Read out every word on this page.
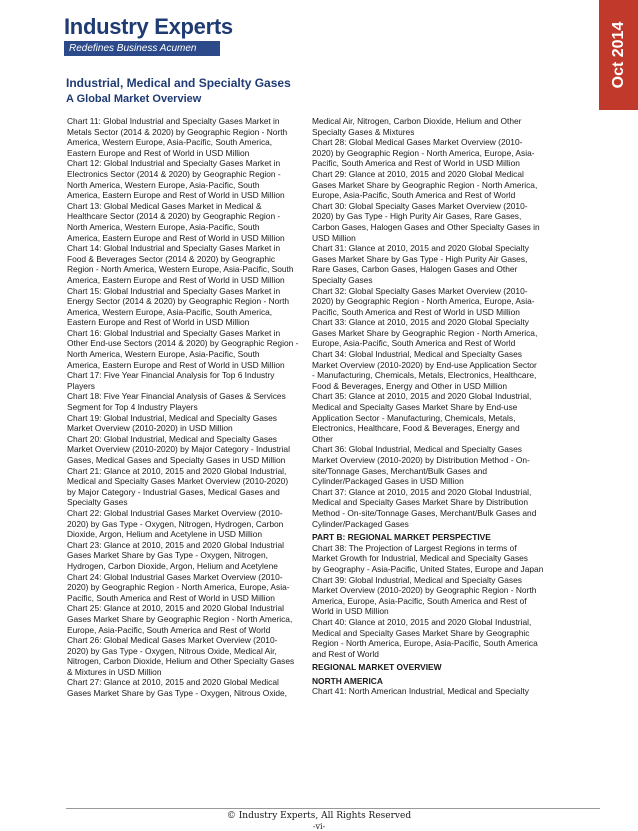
Industry Experts
Redefines Business Acumen	Oct 2014
Industrial, Medical and Specialty Gases
A Global Market Overview
Chart 11: Global Industrial and Specialty Gases Market in
Metals Sector (2014 & 2020) by Geographic Region - North
America, Western Europe, Asia-Pacific, South America,
Eastern Europe and Rest of World in USD Million
Chart 12: Global Industrial and Specialty Gases Market in
Electronics Sector (2014 & 2020) by Geographic Region -
North America, Western Europe, Asia-Pacific, South
America, Eastern Europe and Rest of World in USD Million
Chart 13: Global Medical Gases Market in Medical &
Healthcare Sector (2014 & 2020) by Geographic Region -
North America, Western Europe, Asia-Pacific, South
America, Eastern Europe and Rest of World in USD Million
Chart 14: Global Industrial and Specialty Gases Market in
Food & Beverages Sector (2014 & 2020) by Geographic
Region - North America, Western Europe, Asia-Pacific, South
America, Eastern Europe and Rest of World in USD Million
Chart 15: Global Industrial and Specialty Gases Market in
Energy Sector (2014 & 2020) by Geographic Region - North
America, Western Europe, Asia-Pacific, South America,
Eastern Europe and Rest of World in USD Million
Chart 16: Global Industrial and Specialty Gases Market in
Other End-use Sectors (2014 & 2020) by Geographic Region -
North America, Western Europe, Asia-Pacific, South
America, Eastern Europe and Rest of World in USD Million
Chart 17: Five Year Financial Analysis for Top 6 Industry
Players
Chart 18: Five Year Financial Analysis of Gases & Services
Segment for Top 4 Industry Players
Chart 19: Global Industrial, Medical and Specialty Gases
Market Overview (2010-2020) in USD Million
Chart 20: Global Industrial, Medical and Specialty Gases
Market Overview (2010-2020) by Major Category - Industrial
Gases, Medical Gases and Specialty Gases in USD Million
Chart 21: Glance at 2010, 2015 and 2020 Global Industrial,
Medical and Specialty Gases Market Overview (2010-2020)
by Major Category - Industrial Gases, Medical Gases and
Specialty Gases
Chart 22: Global Industrial Gases Market Overview (2010-
2020) by Gas Type - Oxygen, Nitrogen, Hydrogen, Carbon
Dioxide, Argon, Helium and Acetylene in USD Million
Chart 23: Glance at 2010, 2015 and 2020 Global Industrial
Gases Market Share by Gas Type - Oxygen, Nitrogen,
Hydrogen, Carbon Dioxide, Argon, Helium and Acetylene
Chart 24: Global Industrial Gases Market Overview (2010-
2020) by Geographic Region - North America, Europe, Asia-
Pacific, South America and Rest of World in USD Million
Chart 25: Glance at 2010, 2015 and 2020 Global Industrial
Gases Market Share by Geographic Region - North America,
Europe, Asia-Pacific, South America and Rest of World
Chart 26: Global Medical Gases Market Overview (2010-
2020) by Gas Type - Oxygen, Nitrous Oxide, Medical Air,
Nitrogen, Carbon Dioxide, Helium and Other Specialty Gases
& Mixtures in USD Million
Chart 27: Glance at 2010, 2015 and 2020 Global Medical
Gases Market Share by Gas Type - Oxygen, Nitrous Oxide,
Medical Air, Nitrogen, Carbon Dioxide, Helium and Other
Specialty Gases & Mixtures
Chart 28: Global Medical Gases Market Overview (2010-
2020) by Geographic Region - North America, Europe, Asia-
Pacific, South America and Rest of World in USD Million
Chart 29: Glance at 2010, 2015 and 2020 Global Medical
Gases Market Share by Geographic Region - North America,
Europe, Asia-Pacific, South America and Rest of World
Chart 30: Global Specialty Gases Market Overview (2010-
2020) by Gas Type - High Purity Air Gases, Rare Gases,
Carbon Gases, Halogen Gases and Other Specialty Gases in
USD Million
Chart 31: Glance at 2010, 2015 and 2020 Global Specialty
Gases Market Share by Gas Type - High Purity Air Gases,
Rare Gases, Carbon Gases, Halogen Gases and Other
Specialty Gases
Chart 32: Global Specialty Gases Market Overview (2010-
2020) by Geographic Region - North America, Europe, Asia-
Pacific, South America and Rest of World in USD Million
Chart 33: Glance at 2010, 2015 and 2020 Global Specialty
Gases Market Share by Geographic Region - North America,
Europe, Asia-Pacific, South America and Rest of World
Chart 34: Global Industrial, Medical and Specialty Gases
Market Overview (2010-2020) by End-use Application Sector
- Manufacturing, Chemicals, Metals, Electronics, Healthcare,
Food & Beverages, Energy and Other in USD Million
Chart 35: Glance at 2010, 2015 and 2020 Global Industrial,
Medical and Specialty Gases Market Share by End-use
Application Sector - Manufacturing, Chemicals, Metals,
Electronics, Healthcare, Food & Beverages, Energy and
Other
Chart 36: Global Industrial, Medical and Specialty Gases
Market Overview (2010-2020) by Distribution Method - On-
site/Tonnage Gases, Merchant/Bulk Gases and
Cylinder/Packaged Gases in USD Million
Chart 37: Glance at 2010, 2015 and 2020 Global Industrial,
Medical and Specialty Gases Market Share by Distribution
Method - On-site/Tonnage Gases, Merchant/Bulk Gases and
Cylinder/Packaged Gases
PART B: REGIONAL MARKET PERSPECTIVE
Chart 38: The Projection of Largest Regions in terms of
Market Growth for Industrial, Medical and Specialty Gases
by Geography - Asia-Pacific, United States, Europe and Japan
Chart 39: Global Industrial, Medical and Specialty Gases
Market Overview (2010-2020) by Geographic Region - North
America, Europe, Asia-Pacific, South America and Rest of
World in USD Million
Chart 40: Glance at 2010, 2015 and 2020 Global Industrial,
Medical and Specialty Gases Market Share by Geographic
Region - North America, Europe, Asia-Pacific, South America
and Rest of World
REGIONAL MARKET OVERVIEW
NORTH AMERICA
Chart 41: North American Industrial, Medical and Specialty
© Industry Experts, All Rights Reserved
-vi-
